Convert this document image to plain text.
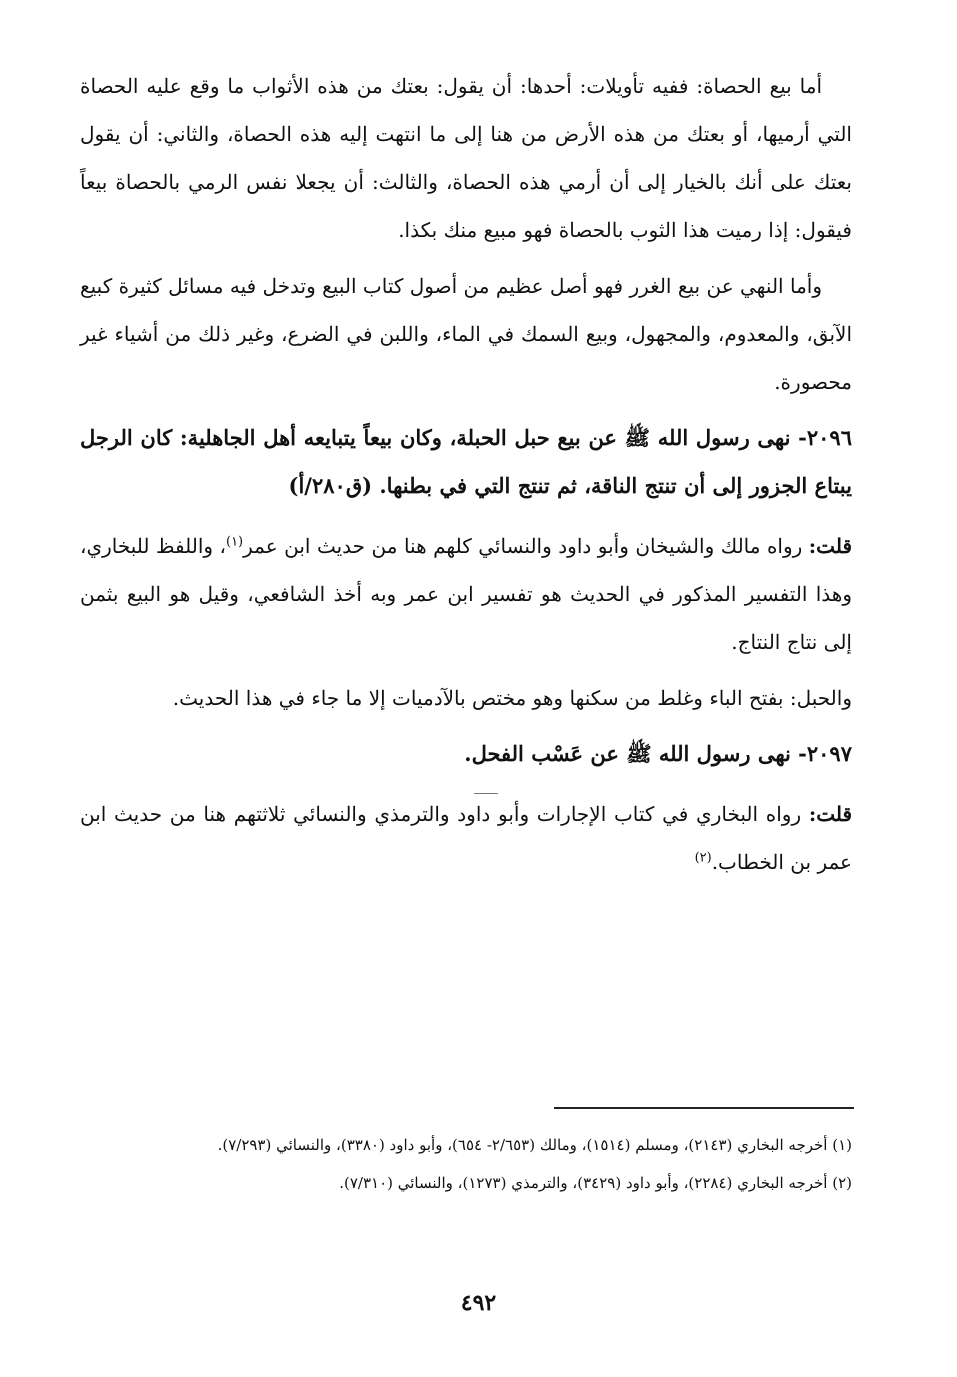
أما بيع الحصاة: ففيه تأويلات: أحدها: أن يقول: بعتك من هذه الأثواب ما وقع عليه الحصاة التي أرميها، أو بعتك من هذه الأرض من هنا إلى ما انتهت إليه هذه الحصاة، والثاني: أن يقول بعتك على أنك بالخيار إلى أن أرمي هذه الحصاة، والثالث: أن يجعلا نفس الرمي بالحصاة بيعاً فيقول: إذا رميت هذا الثوب بالحصاة فهو مبيع منك بكذا.

وأما النهي عن بيع الغرر فهو أصل عظيم من أصول كتاب البيع وتدخل فيه مسائل كثيرة كبيع الآبق، والمعدوم، والمجهول، وبيع السمك في الماء، واللبن في الضرع، وغير ذلك من أشياء غير محصورة.

٢٠٩٦- نهى رسول الله ﷺ عن بيع حبل الحبلة، وكان بيعاً يتبايعه أهل الجاهلية: كان الرجل يبتاع الجزور إلى أن تنتج الناقة، ثم تنتج التي في بطنها. (ق٢٨٠/أ)

قلت: رواه مالك والشيخان وأبو داود والنسائي كلهم هنا من حديث ابن عمر$^{(١)}$، واللفظ للبخاري، وهذا التفسير المذكور في الحديث هو تفسير ابن عمر وبه أخذ الشافعي، وقيل هو البيع بثمن إلى نتاج النتاج.

والحبل: بفتح الباء وغلط من سكنها وهو مختص بالآدميات إلا ما جاء في هذا الحديث.

٢٠٩٧- نهى رسول الله ﷺ عن عَسْب الفحل.

قلت: رواه البخاري في كتاب الإجارات وأبو داود والترمذي والنسائي ثلاثتهم هنا من حديث ابن عمر بن الخطاب.$^{(٢)}$

(١) أخرجه البخاري (٢١٤٣)، ومسلم (١٥١٤)، ومالك (٢/٦٥٣- ٦٥٤)، وأبو داود (٣٣٨٠)، والنسائي (٧/٢٩٣).

(٢) أخرجه البخاري (٢٢٨٤)، وأبو داود (٣٤٢٩)، والترمذي (١٢٧٣)، والنسائي (٧/٣١٠).

٤٩٢
